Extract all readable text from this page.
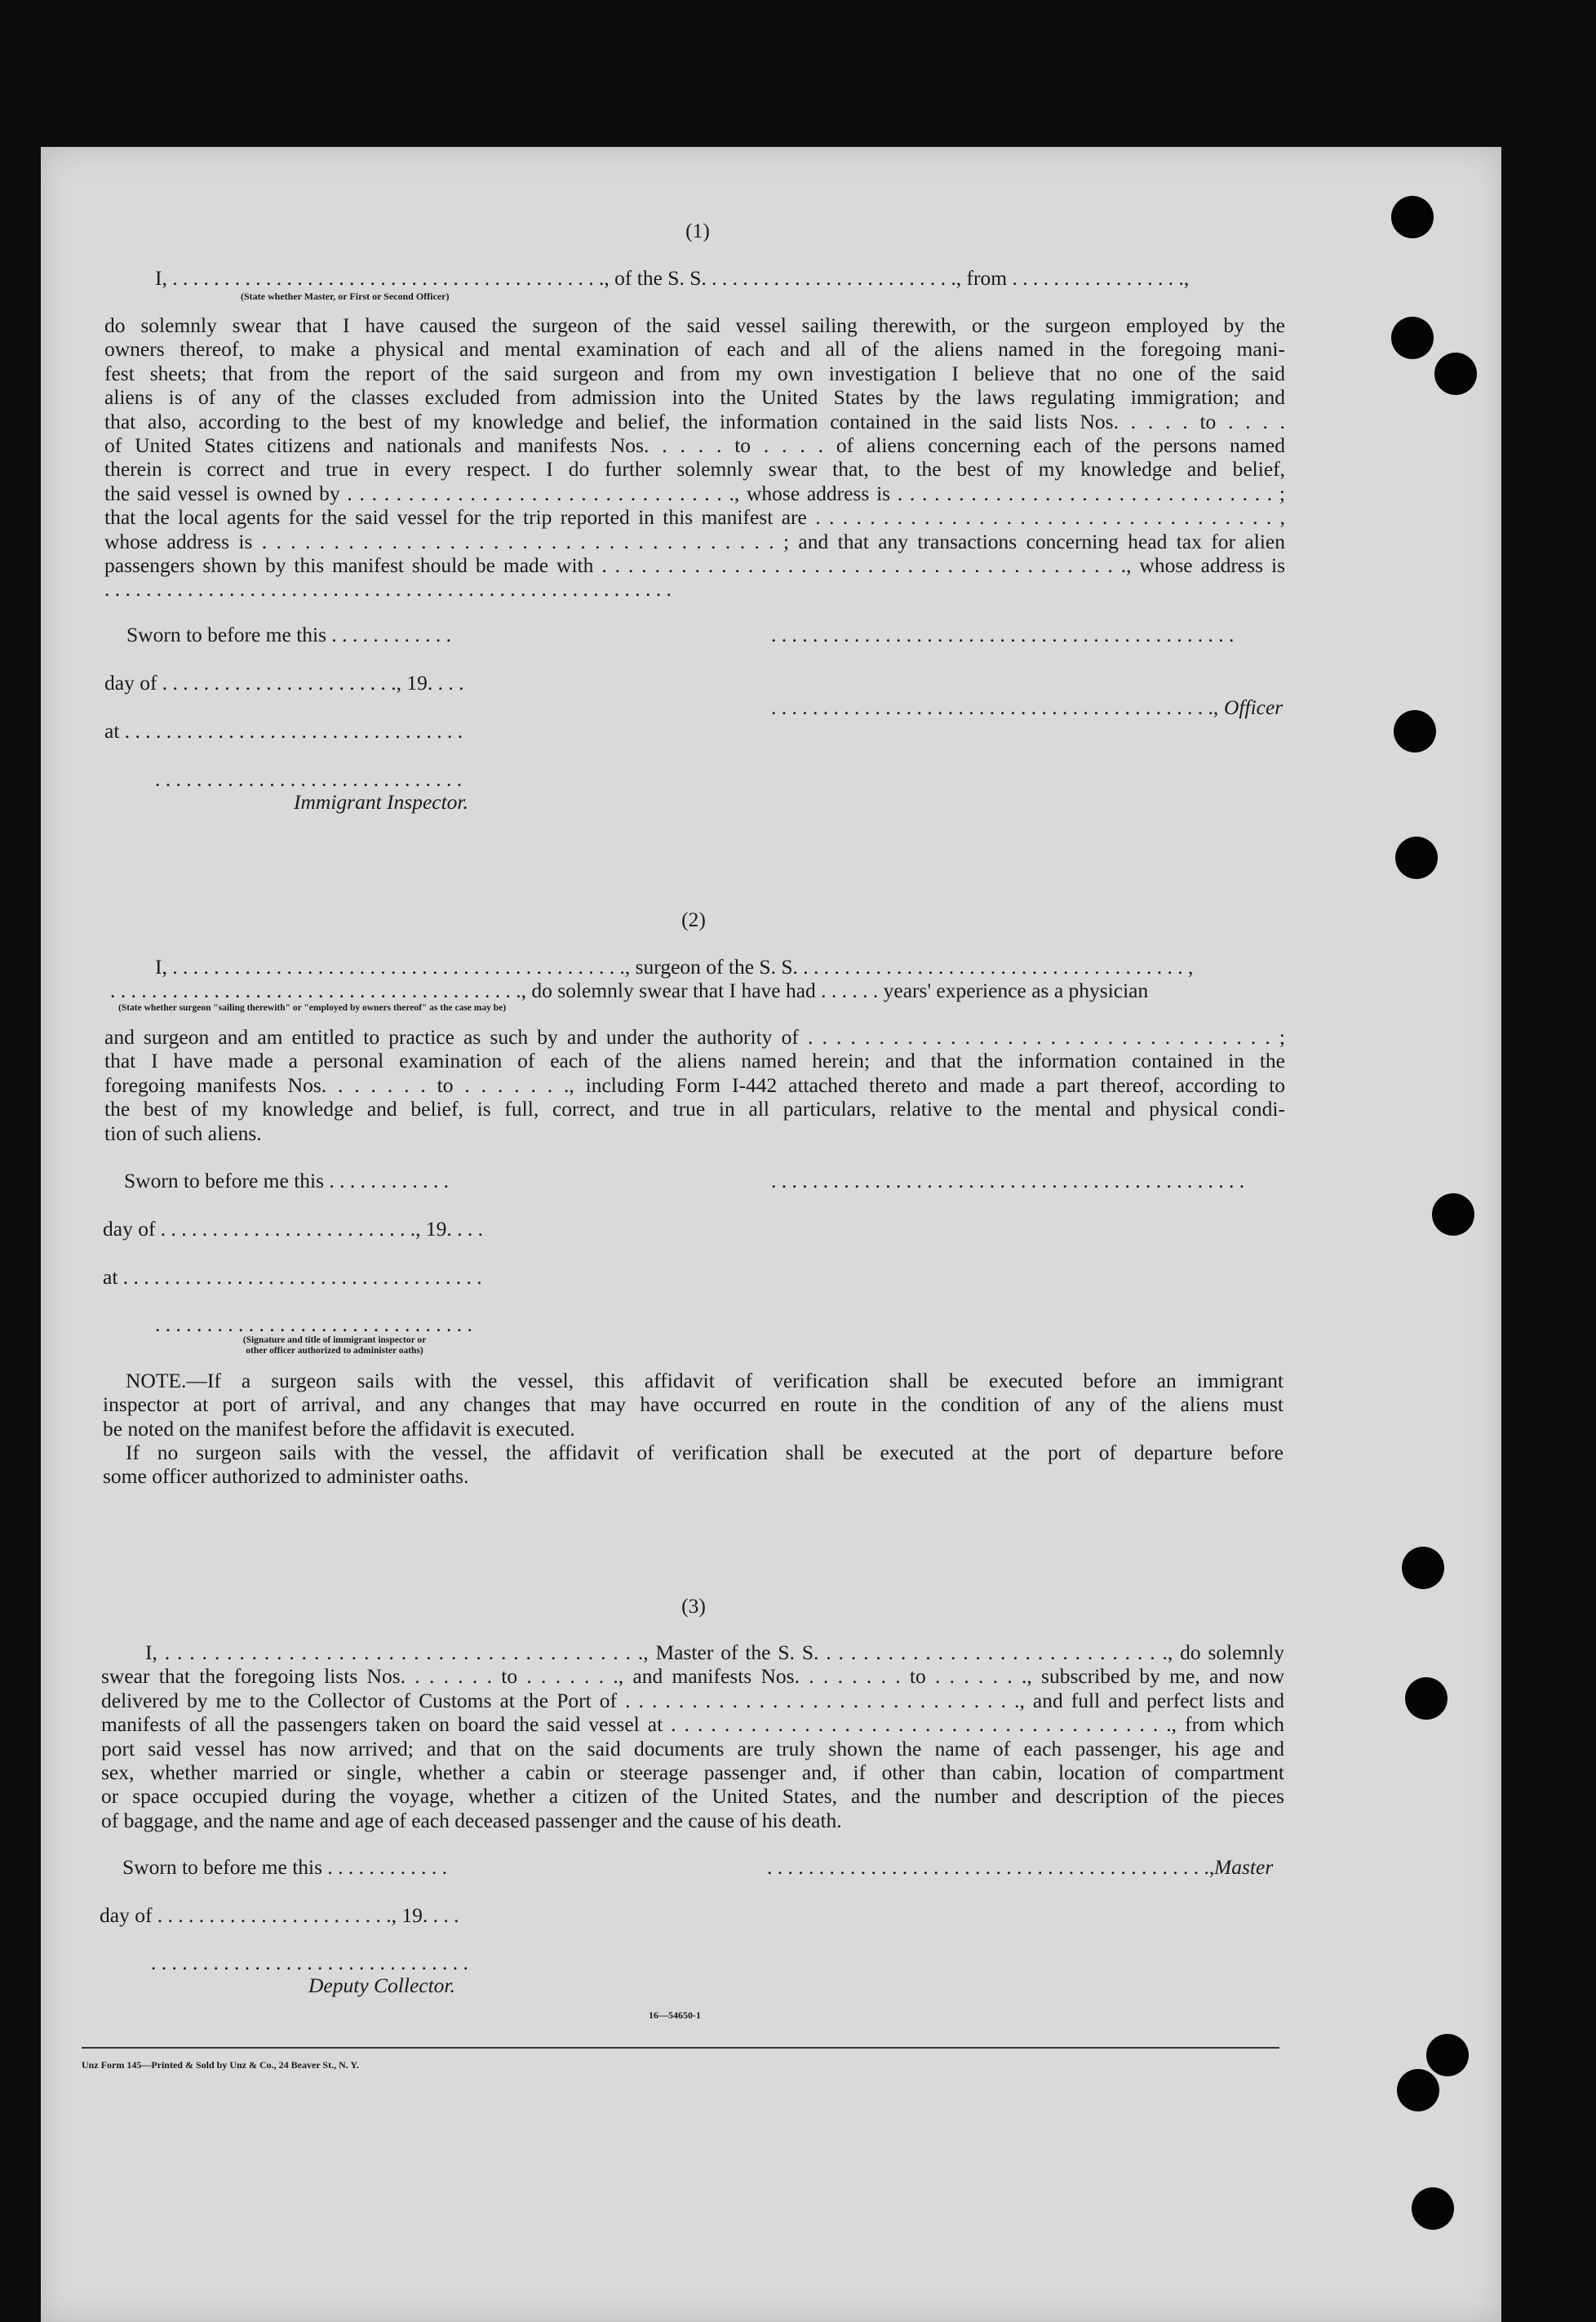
(1)
I, . . . . . . . . . . . . . . . . . . . . . . . . . . . . . . . . . . . . . . . . . ., of the S. S. . . . . . . . . . . . . . . . . . . . . . . . ., from . . . . . . . . . . . . . . . . .,
(State whether Master, or First or Second Officer)
do solemnly swear that I have caused the surgeon of the said vessel sailing therewith, or the surgeon employed by the
owners thereof, to make a physical and mental examination of each and all of the aliens named in the foregoing mani-
fest sheets; that from the report of the said surgeon and from my own investigation I believe that no one of the said
aliens is of any of the classes excluded from admission into the United States by the laws regulating immigration; and
that also, according to the best of my knowledge and belief, the information contained in the said lists Nos. . . . . to . . . .
of United States citizens and nationals and manifests Nos. . . . . to . . . . of aliens concerning each of the persons named
therein is correct and true in every respect. I do further solemnly swear that, to the best of my knowledge and belief,
the said vessel is owned by . . . . . . . . . . . . . . . . . . . . . . . . . . . . . . . ., whose address is . . . . . . . . . . . . . . . . . . . . . . . . . . . . . . . ;
that the local agents for the said vessel for the trip reported in this manifest are . . . . . . . . . . . . . . . . . . . . . . . . . . . . . . . . . . ,
whose address is . . . . . . . . . . . . . . . . . . . . . . . . . . . . . . . . . . . . ; and that any transactions concerning head tax for alien
passengers shown by this manifest should be made with . . . . . . . . . . . . . . . . . . . . . . . . . . . . . . . . . . . . . . . ., whose address is
. . . . . . . . . . . . . . . . . . . . . . . . . . . . . . . . . . . . . . . . . . . . . . . . . . . . . . .
Sworn to before me this . . . . . . . . . . . .	. . . . . . . . . . . . . . . . . . . . . . . . . . . . . . . . . . . . . . . . . . . . .
day of . . . . . . . . . . . . . . . . . . . . . . ., 19. . . .
. . . . . . . . . . . . . . . . . . . . . . . . . . . . . . . . . . . . . . . . . . ., Officer
at . . . . . . . . . . . . . . . . . . . . . . . . . . . . . . . . .
. . . . . . . . . . . . . . . . . . . . . . . . . . . . . .
Immigrant Inspector.
(2)
I, . . . . . . . . . . . . . . . . . . . . . . . . . . . . . . . . . . . . . . . . . . . ., surgeon of the S. S. . . . . . . . . . . . . . . . . . . . . . . . . . . . . . . . . . . . . . ,
. . . . . . . . . . . . . . . . . . . . . . . . . . . . . . . . . . . . . . . ., do solemnly swear that I have had . . . . . . years' experience as a physician
(State whether surgeon "sailing therewith" or "employed by owners thereof" as the case may be)
and surgeon and am entitled to practice as such by and under the authority of . . . . . . . . . . . . . . . . . . . . . . . . . . . . . . . . . ;
that I have made a personal examination of each of the aliens named herein; and that the information contained in the
foregoing manifests Nos. . . . . . . to . . . . . . ., including Form I-442 attached thereto and made a part thereof, according to
the best of my knowledge and belief, is full, correct, and true in all particulars, relative to the mental and physical condi-
tion of such aliens.
Sworn to before me this . . . . . . . . . . . .	. . . . . . . . . . . . . . . . . . . . . . . . . . . . . . . . . . . . . . . . . . . . . .
day of . . . . . . . . . . . . . . . . . . . . . . . . ., 19. . . .
at . . . . . . . . . . . . . . . . . . . . . . . . . . . . . . . . . . .
. . . . . . . . . . . . . . . . . . . . . . . . . . . . . . .
(Signature and title of immigrant inspector or
other officer authorized to administer oaths)
NOTE.—If a surgeon sails with the vessel, this affidavit of verification shall be executed before an immigrant
inspector at port of arrival, and any changes that may have occurred en route in the condition of any of the aliens must
be noted on the manifest before the affidavit is executed.
If no surgeon sails with the vessel, the affidavit of verification shall be executed at the port of departure before
some officer authorized to administer oaths.
(3)
I, . . . . . . . . . . . . . . . . . . . . . . . . . . . . . . . . . . . . . . ., Master of the S. S. . . . . . . . . . . . . . . . . . . . . . . . . . . . ., do solemnly
swear that the foregoing lists Nos. . . . . . . to . . . . . . ., and manifests Nos. . . . . . . . to . . . . . . ., subscribed by me, and now
delivered by me to the Collector of Customs at the Port of . . . . . . . . . . . . . . . . . . . . . . . . . . . . . ., and full and perfect lists and
manifests of all the passengers taken on board the said vessel at . . . . . . . . . . . . . . . . . . . . . . . . . . . . . . . . . . . . . ., from which
port said vessel has now arrived; and that on the said documents are truly shown the name of each passenger, his age and
sex, whether married or single, whether a cabin or steerage passenger and, if other than cabin, location of compartment
or space occupied during the voyage, whether a citizen of the United States, and the number and description of the pieces
of baggage, and the name and age of each deceased passenger and the cause of his death.
Sworn to before me this . . . . . . . . . . . .	. . . . . . . . . . . . . . . . . . . . . . . . . . . . . . . . . . . . . . . . . . ., Master
day of . . . . . . . . . . . . . . . . . . . . . . ., 19. . . .
. . . . . . . . . . . . . . . . . . . . . . . . . . . . . . .
Deputy Collector.
16—54650-1
Unz Form 145—Printed & Sold by Unz & Co., 24 Beaver St., N. Y.
